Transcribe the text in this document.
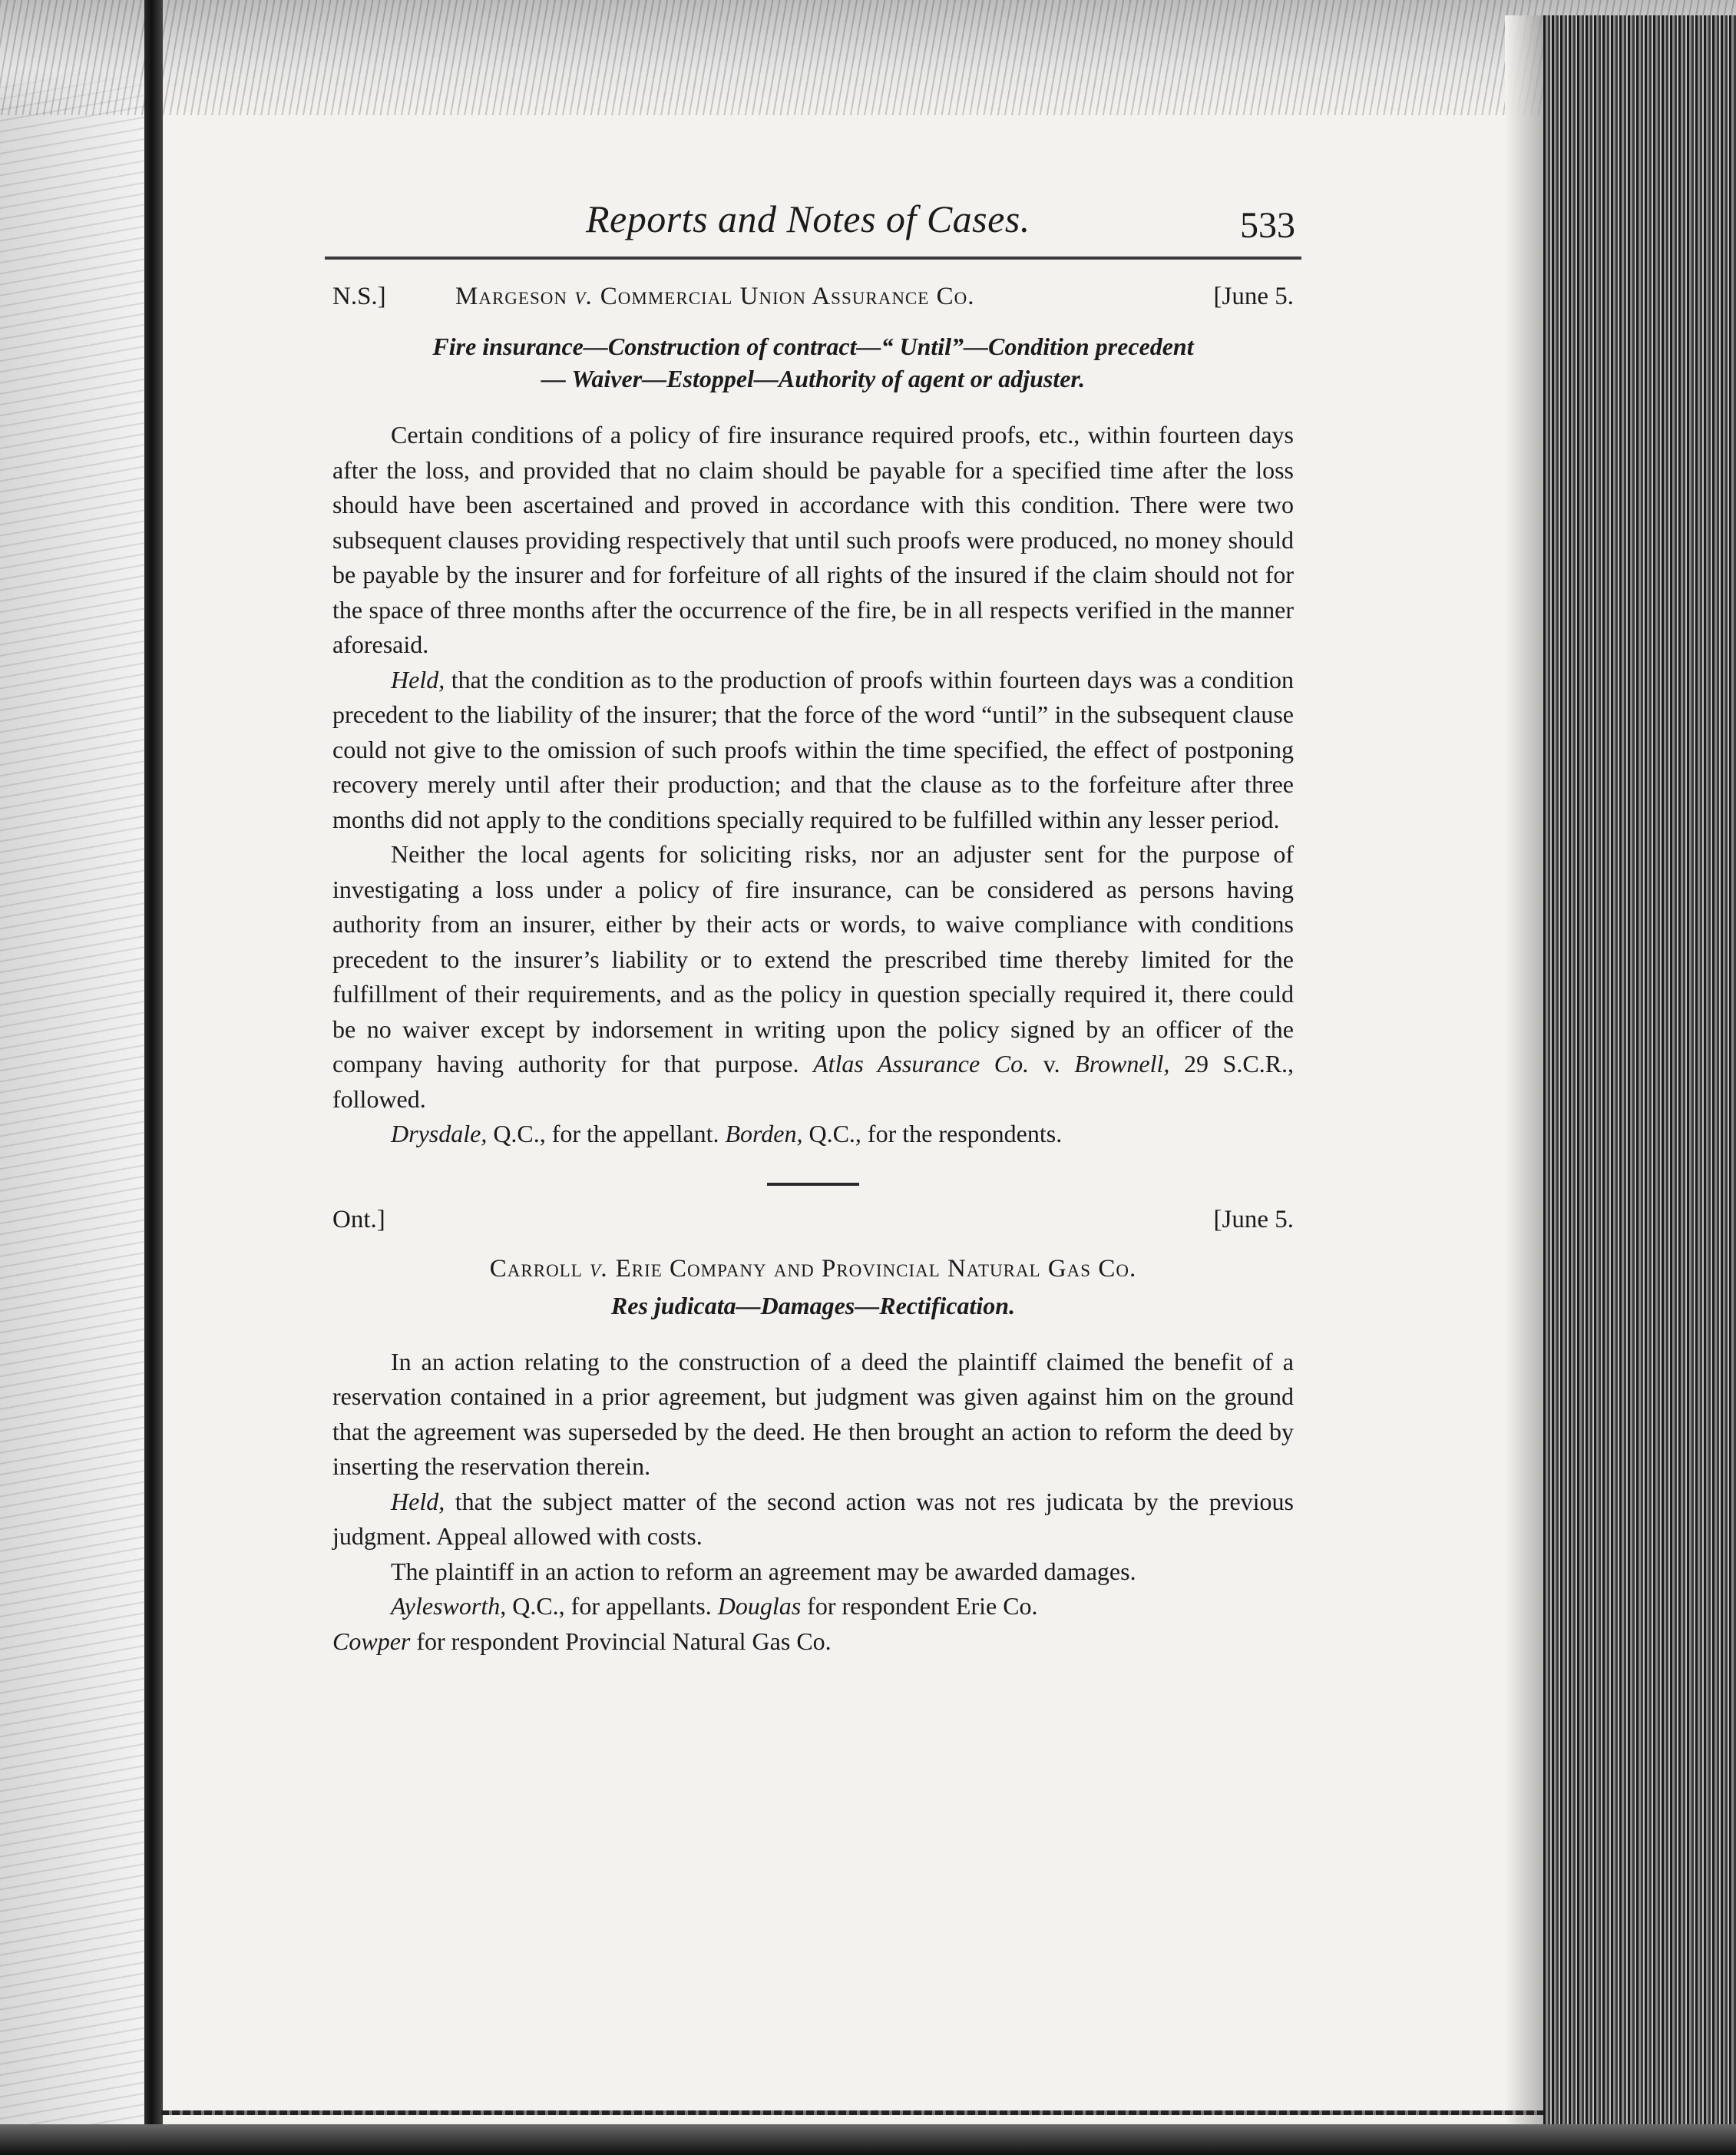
Reports and Notes of Cases.	533
N.S.]	Margeson v. Commercial Union Assurance Co.	[June 5.
Fire insurance—Construction of contract—“ Until”—Condition precedent
— Waiver—Estoppel—Authority of agent or adjuster.

Certain conditions of a policy of fire insurance required proofs, etc., within fourteen days after the loss, and provided that no claim should be payable for a specified time after the loss should have been ascertained and proved in accordance with this condition. There were two subsequent clauses providing respectively that until such proofs were produced, no money should be payable by the insurer and for forfeiture of all rights of the insured if the claim should not for the space of three months after the occurrence of the fire, be in all respects verified in the manner aforesaid.

Held, that the condition as to the production of proofs within fourteen days was a condition precedent to the liability of the insurer; that the force of the word “until” in the subsequent clause could not give to the omission of such proofs within the time specified, the effect of postponing recovery merely until after their production; and that the clause as to the forfeiture after three months did not apply to the conditions specially required to be fulfilled within any lesser period.

Neither the local agents for soliciting risks, nor an adjuster sent for the purpose of investigating a loss under a policy of fire insurance, can be considered as persons having authority from an insurer, either by their acts or words, to waive compliance with conditions precedent to the insurer’s liability or to extend the prescribed time thereby limited for the fulfillment of their requirements, and as the policy in question specially required it, there could be no waiver except by indorsement in writing upon the policy signed by an officer of the company having authority for that purpose. Atlas Assurance Co. v. Brownell, 29 S.C.R., followed.

Drysdale, Q.C., for the appellant. Borden, Q.C., for the respondents.
Ont.]	[June 5.
Carroll v. Erie Company and Provincial Natural Gas Co.
Res judicata—Damages—Rectification.

In an action relating to the construction of a deed the plaintiff claimed the benefit of a reservation contained in a prior agreement, but judgment was given against him on the ground that the agreement was superseded by the deed. He then brought an action to reform the deed by inserting the reservation therein.

Held, that the subject matter of the second action was not res judicata by the previous judgment. Appeal allowed with costs.

The plaintiff in an action to reform an agreement may be awarded damages.

Aylesworth, Q.C., for appellants. Douglas for respondent Erie Co.
Cowper for respondent Provincial Natural Gas Co.
